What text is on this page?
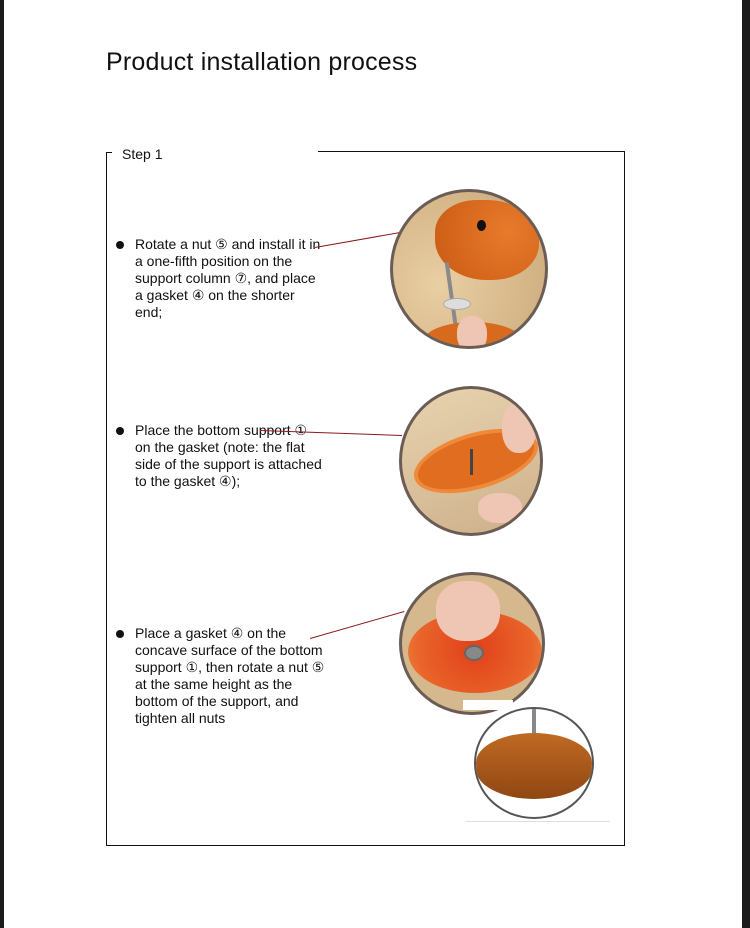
Product installation process
Step 1
Rotate a nut ⑤ and install it in a one-fifth position on the support column ⑦, and place a gasket ④ on the shorter end;
Place the bottom support ① on the gasket (note: the flat side of the support is attached to the gasket ④);
Place a gasket ④ on the concave surface of the bottom support ①, then rotate a nut ⑤ at the same height as the bottom of the support, and tighten all nuts
